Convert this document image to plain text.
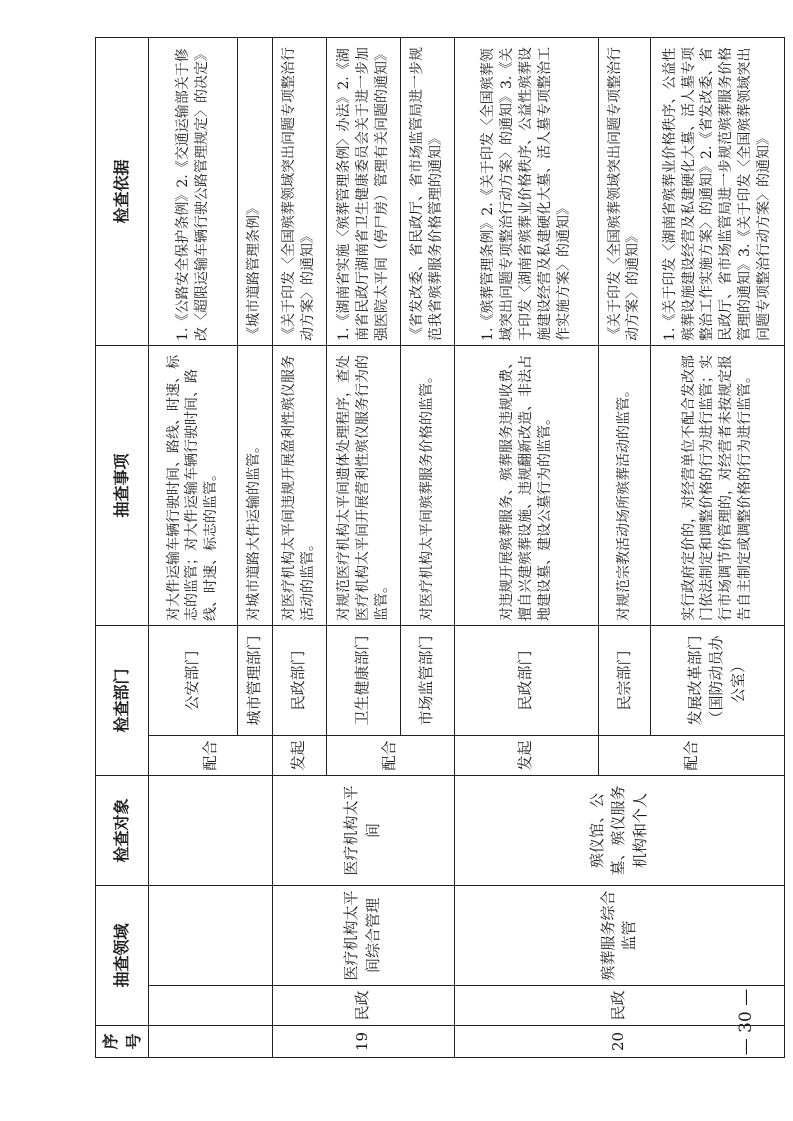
序号	抽查领域		检查对象	检查部门		抽查事项	检查依据
				配合	公安部门	对大件运输车辆行驶时间、路线、时速、标志的监管；对大件运输车辆行驶时间、路线、时速、标志的监管。	1.《公路安全保护条例》2.《交通运输部关于修改〈超限运输车辆行驶公路管理规定〉的决定》
					城市管理部门	对城市道路大件运输的监管。	《城市道路管理条例》
19	民政	医疗机构太平间综合管理	医疗机构太平间	发起	民政部门	对医疗机构太平间违规开展盈利性殡仪服务活动的监管。	《关于印发〈全国殡葬领域突出问题专项整治行动方案〉的通知》
				配合	卫生健康部门	对规范医疗机构太平间遗体处理程序，查处医疗机构太平间开展营利性殡仪服务行为的监管。	1.《湖南省实施〈殡葬管理条例〉办法》2.《湖南省民政厅湖南省卫生健康委员会关于进一步加强医院太平间（停尸房）管理有关问题的通知》
					市场监管部门	对医疗机构太平间殡葬服务价格的监管。	《省发改委、省民政厅、省市场监管局进一步规范我省殡葬服务价格管理的通知》
20	民政	殡葬服务综合监管	殡仪馆、公墓、殡仪服务机构和个人	发起	民政部门	对违规开展殡葬服务、殡葬服务违规收费、擅自兴建殡葬设施、违规翻新改造、非法占地建设墓、建设公墓行为的监管。	1.《殡葬管理条例》2.《关于印发〈全国殡葬领域突出问题专项整治行动方案〉的通知》3.《关于印发〈湖南省殡葬业价格秩序、公益性殡葬设施建设经营及私建硬化大墓、活人墓专项整治工作实施方案〉的通知》
				配合	民宗部门	对规范宗教活动场所殡葬活动的监管。	《关于印发〈全国殡葬领域突出问题专项整治行动方案〉的通知》
					发展改革部门（国防动员办公室）	实行政府定价的，对经营单位不配合发改部门依法制定和调整价格的行为进行监管；实行市场调节价管理的，对经营者未按规定报告自主制定或调整价格的行为进行监管。	1.《关于印发〈湖南省殡葬业价格秩序、公益性殡葬设施建设经营及私建硬化大墓、活人墓专项整治工作实施方案〉的通知》2.《省发改委、省民政厅、省市场监管局进一步规范殡葬服务价格管理的通知》3.《关于印发〈全国殡葬领域突出问题专项整治行动方案〉的通知》
— 30 —
